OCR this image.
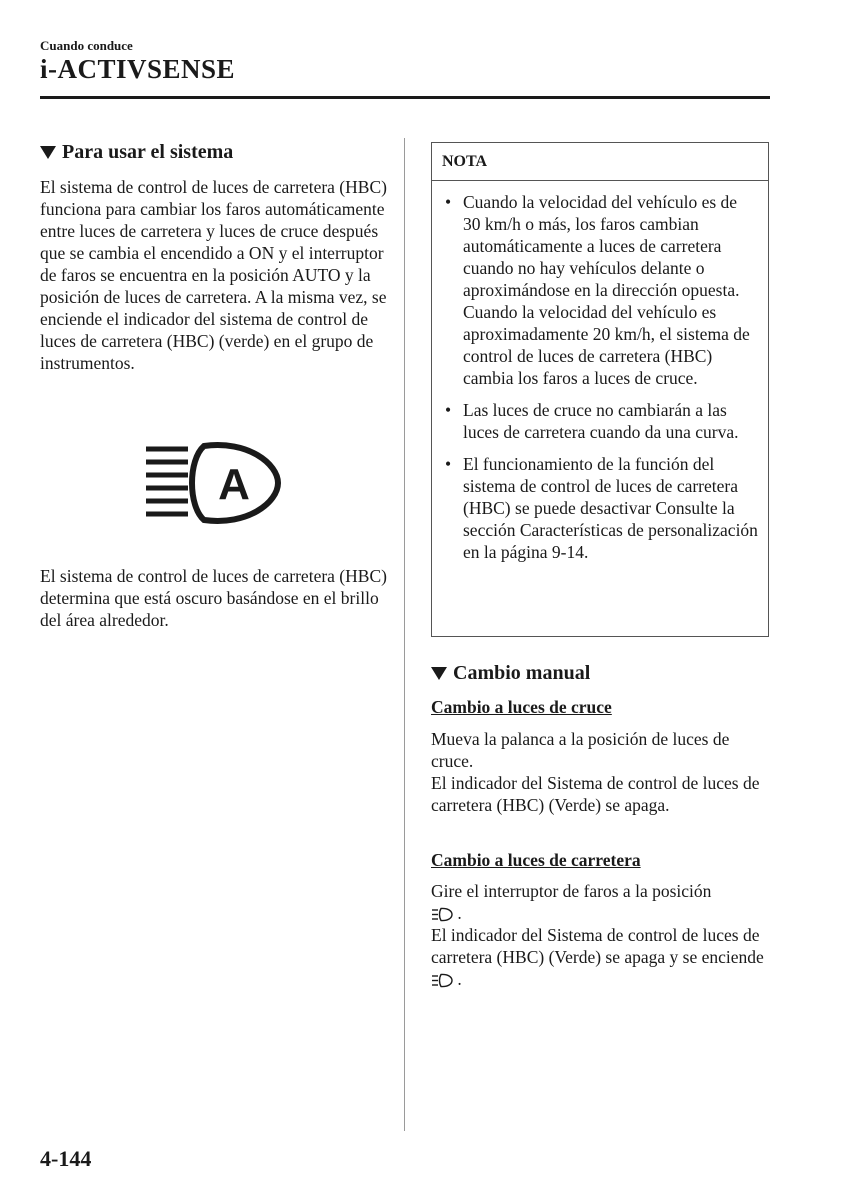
Cuando conduce
i-ACTIVSENSE
Para usar el sistema

El sistema de control de luces de carretera (HBC) funciona para cambiar los faros automáticamente entre luces de carretera y luces de cruce después que se cambia el encendido a ON y el interruptor de faros se encuentra en la posición AUTO y la posición de luces de carretera. A la misma vez, se enciende el indicador del sistema de control de luces de carretera (HBC) (verde) en el grupo de instrumentos.

A

El sistema de control de luces de carretera (HBC) determina que está oscuro basándose en el brillo del área alrededor.

NOTA

• Cuando la velocidad del vehículo es de 30 km/h o más, los faros cambian automáticamente a luces de carretera cuando no hay vehículos delante o aproximándose en la dirección opuesta.

Cuando la velocidad del vehículo es aproximadamente 20 km/h, el sistema de control de luces de carretera (HBC) cambia los faros a luces de cruce.

• Las luces de cruce no cambiarán a las luces de carretera cuando da una curva.

• El funcionamiento de la función del sistema de control de luces de carretera (HBC) se puede desactivar Consulte la sección Características de personalización en la página 9-14.

Cambio manual
Cambio a luces de cruce

Mueva la palanca a la posición de luces de cruce.

El indicador del Sistema de control de luces de carretera (HBC) (Verde) se apaga.

Cambio a luces de carretera

Gire el interruptor de faros a la posición
.

El indicador del Sistema de control de luces de carretera (HBC) (Verde) se apaga y se enciende  .

4-144
